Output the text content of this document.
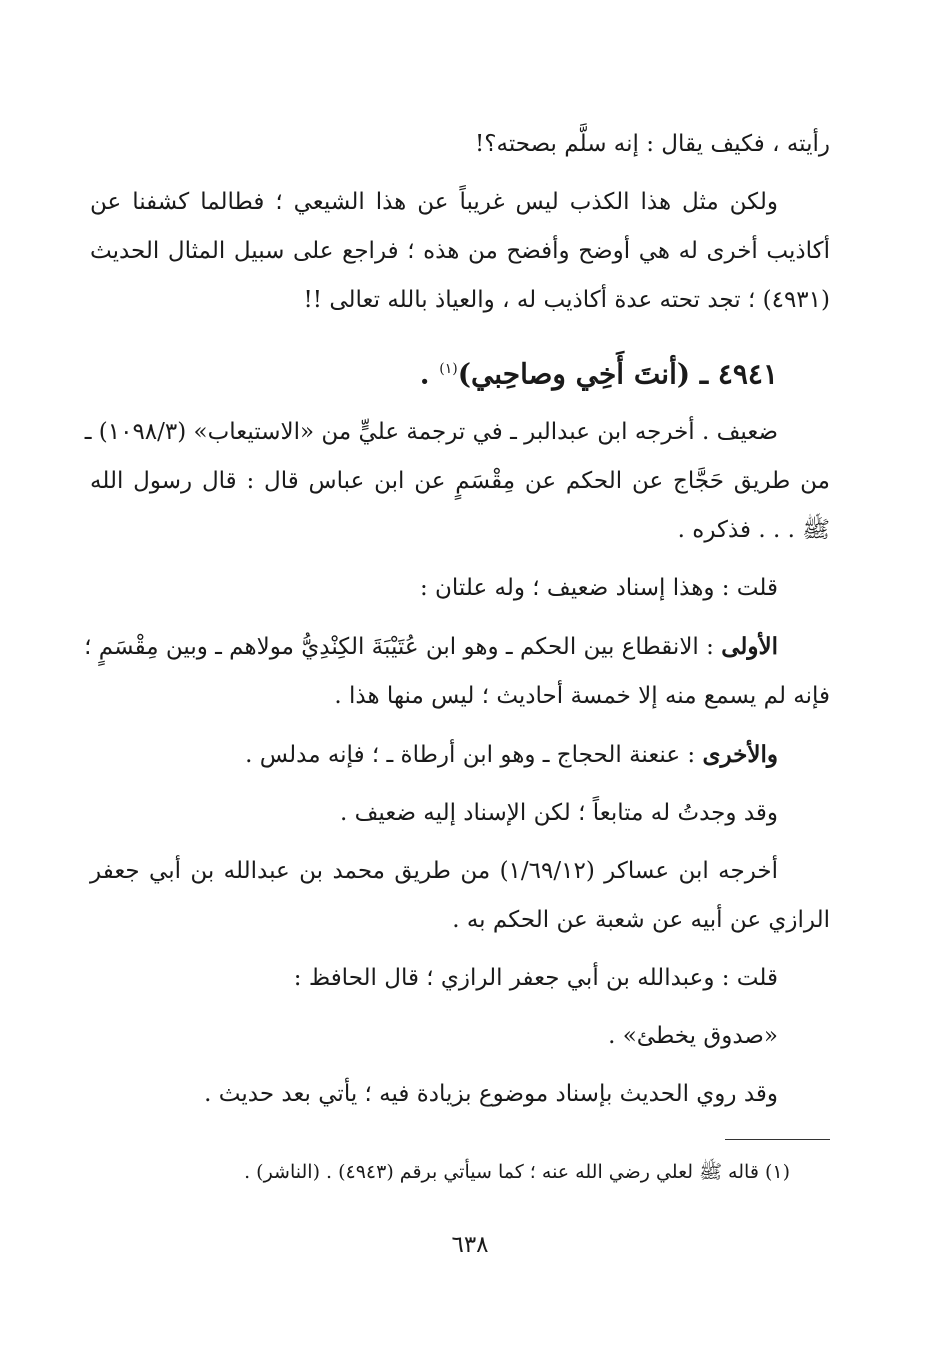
رأيته ، فكيف يقال : إنه سلَّم بصحته؟!
ولكن مثل هذا الكذب ليس غريباً عن هذا الشيعي ؛ فطالما كشفنا عن
أكاذيب أخرى له هي أوضح وأفضح من هذه ؛ فراجع على سبيل المثال الحديث
(٤٩٣١) ؛ تجد تحته عدة أكاذيب له ، والعياذ بالله تعالى !!
٤٩٤١ ـ (أنتَ أَخِي وصاحِبي)$^{(١)}$ .
ضعيف . أخرجه ابن عبدالبر ـ في ترجمة عليٍّ من «الاستيعاب» (١٠٩٨/٣) ـ
من طريق حَجَّاج عن الحكم عن مِقْسَمٍ عن ابن عباس قال : قال رسول الله
ﷺ . . . فذكره .
قلت : وهذا إسناد ضعيف ؛ وله علتان :
الأولى : الانقطاع بين الحكم ـ وهو ابن عُتَيْبَةَ الكِنْدِيُّ مولاهم ـ وبين مِقْسَمٍ ؛
فإنه لم يسمع منه إلا خمسة أحاديث ؛ ليس منها هذا .
والأخرى : عنعنة الحجاج ـ وهو ابن أرطاة ـ ؛ فإنه مدلس .
وقد وجدتُ له متابعاً ؛ لكن الإسناد إليه ضعيف .
أخرجه ابن عساكر (١/٦٩/١٢) من طريق محمد بن عبدالله بن أبي جعفر
الرازي عن أبيه عن شعبة عن الحكم به .
قلت : وعبدالله بن أبي جعفر الرازي ؛ قال الحافظ :
«صدوق يخطئ» .
وقد روي الحديث بإسناد موضوع بزيادة فيه ؛ يأتي بعد حديث .
(١) قاله ﷺ لعلي رضي الله عنه ؛ كما سيأتي برقم (٤٩٤٣) . (الناشر) .
٦٣٨
